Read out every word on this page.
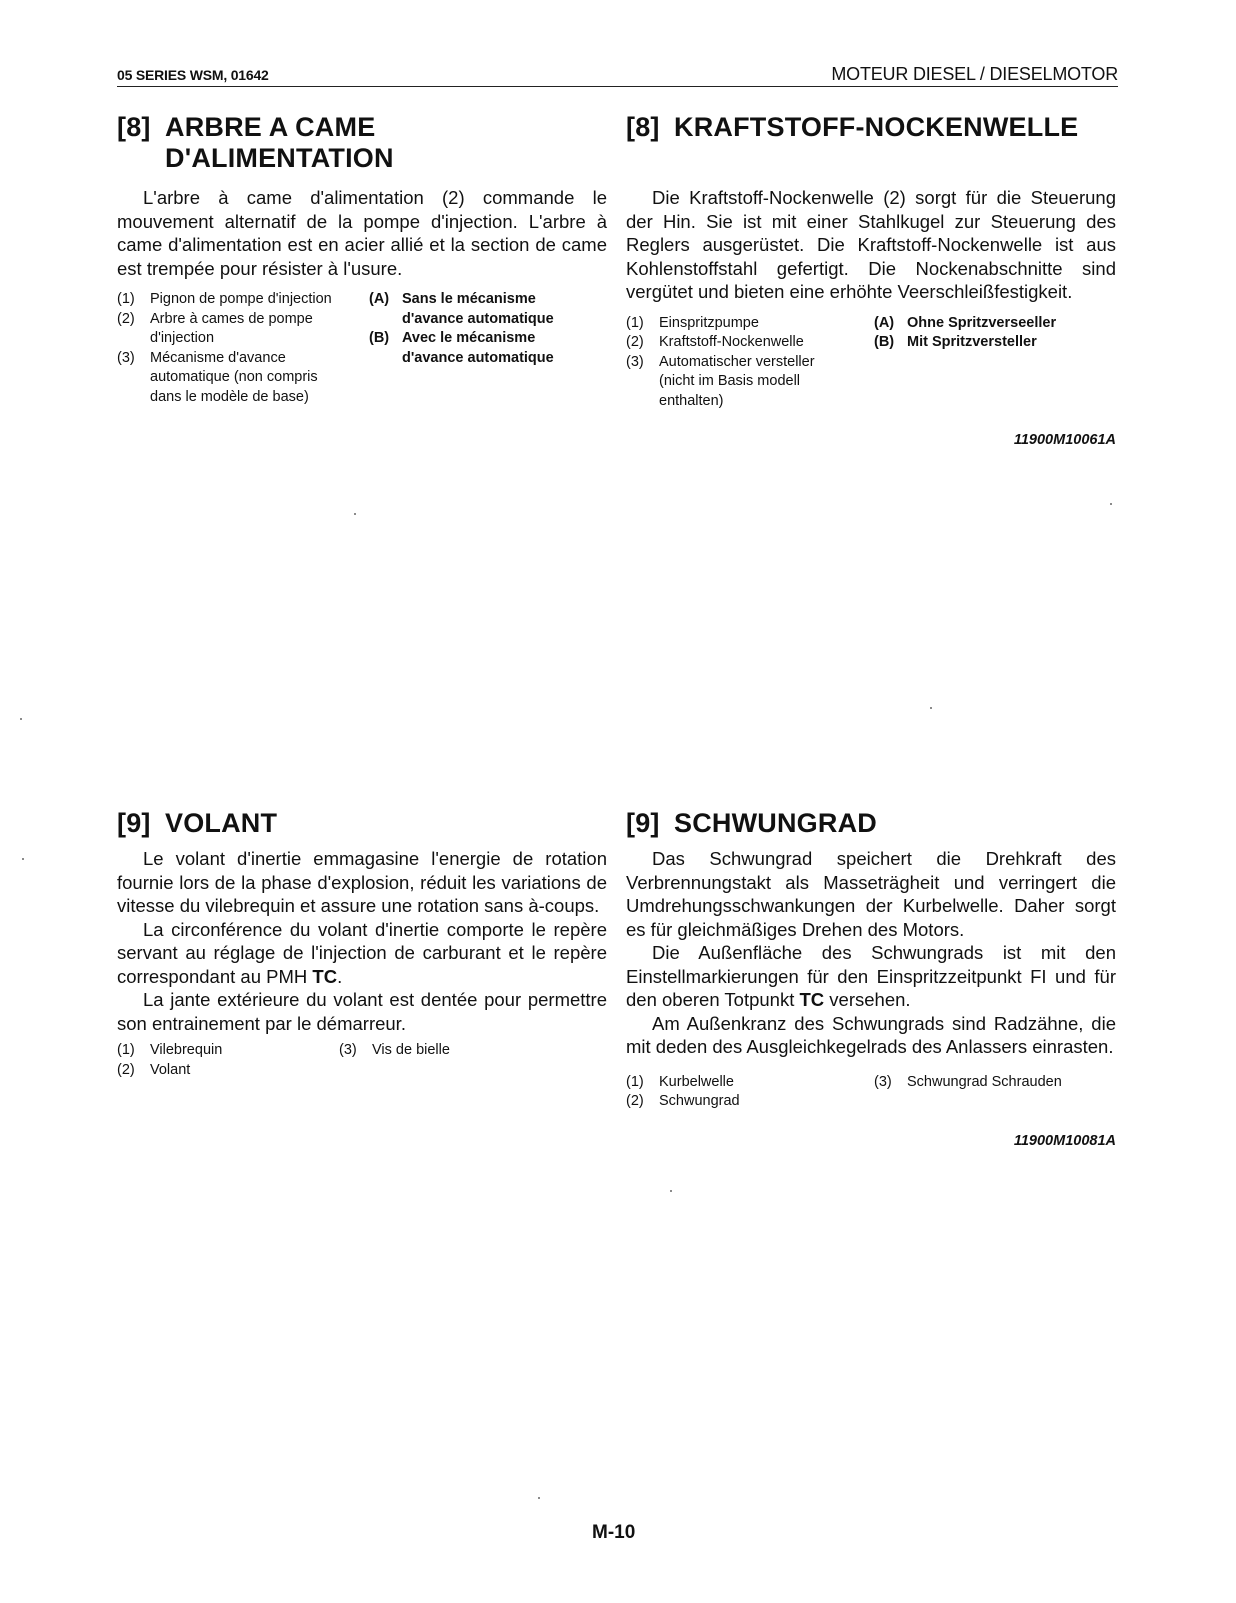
05 SERIES WSM, 01642	MOTEUR DIESEL / DIESELMOTOR
[8] ARBRE A CAME
D'ALIMENTATION

L'arbre à came d'alimentation (2) commande le mouvement alternatif de la pompe d'injection. L'arbre à came d'alimentation est en acier allié et la section de came est trempée pour résister à l'usure.

(1)	Pignon de pompe d'injection
(2)	Arbre à cames de pompe d'injection
(3)	Mécanisme d'avance automatique (non compris dans le modèle de base)
(A) Sans le mécanisme d'avance automatique
(B) Avec le mécanisme d'avance automatique
[8] KRAFTSTOFF-NOCKENWELLE

Die Kraftstoff-Nockenwelle (2) sorgt für die Steuerung der Hin. Sie ist mit einer Stahlkugel zur Steuerung des Reglers ausgerüstet. Die Kraftstoff-Nockenwelle ist aus Kohlenstoffstahl gefertigt. Die Nockenabschnitte sind vergütet und bieten eine erhöhte Veerschleißfestigkeit.

(1)	Einspritzpumpe
(2)	Kraftstoff-Nockenwelle
(3)	Automatischer versteller (nicht im Basis modell enthalten)
(A) Ohne Spritzverseeller
(B) Mit Spritzversteller
11900M10061A
[9] VOLANT

Le volant d'inertie emmagasine l'energie de rotation fournie lors de la phase d'explosion, réduit les variations de vitesse du vilebrequin et assure une rotation sans à-coups.

La circonférence du volant d'inertie comporte le repère servant au réglage de l'injection de carburant et le repère correspondant au PMH TC.

La jante extérieure du volant est dentée pour permettre son entrainement par le démarreur.

(1)	Vilebrequin
(2)	Volant
(3)	Vis de bielle
[9] SCHWUNGRAD

Das Schwungrad speichert die Drehkraft des Verbrennungstakt als Masseträgheit und verringert die Umdrehungsschwankungen der Kurbelwelle. Daher sorgt es für gleichmäßiges Drehen des Motors.

Die Außenfläche des Schwungrads ist mit den Einstellmarkierungen für den Einspritzzeitpunkt FI und für den oberen Totpunkt TC versehen.

Am Außenkranz des Schwungrads sind Radzähne, die mit deden des Ausgleichkegelrads des Anlassers einrasten.

(1)	Kurbelwelle
(2)	Schwungrad
(3)	Schwungrad Schrauden
11900M10081A
M-10
